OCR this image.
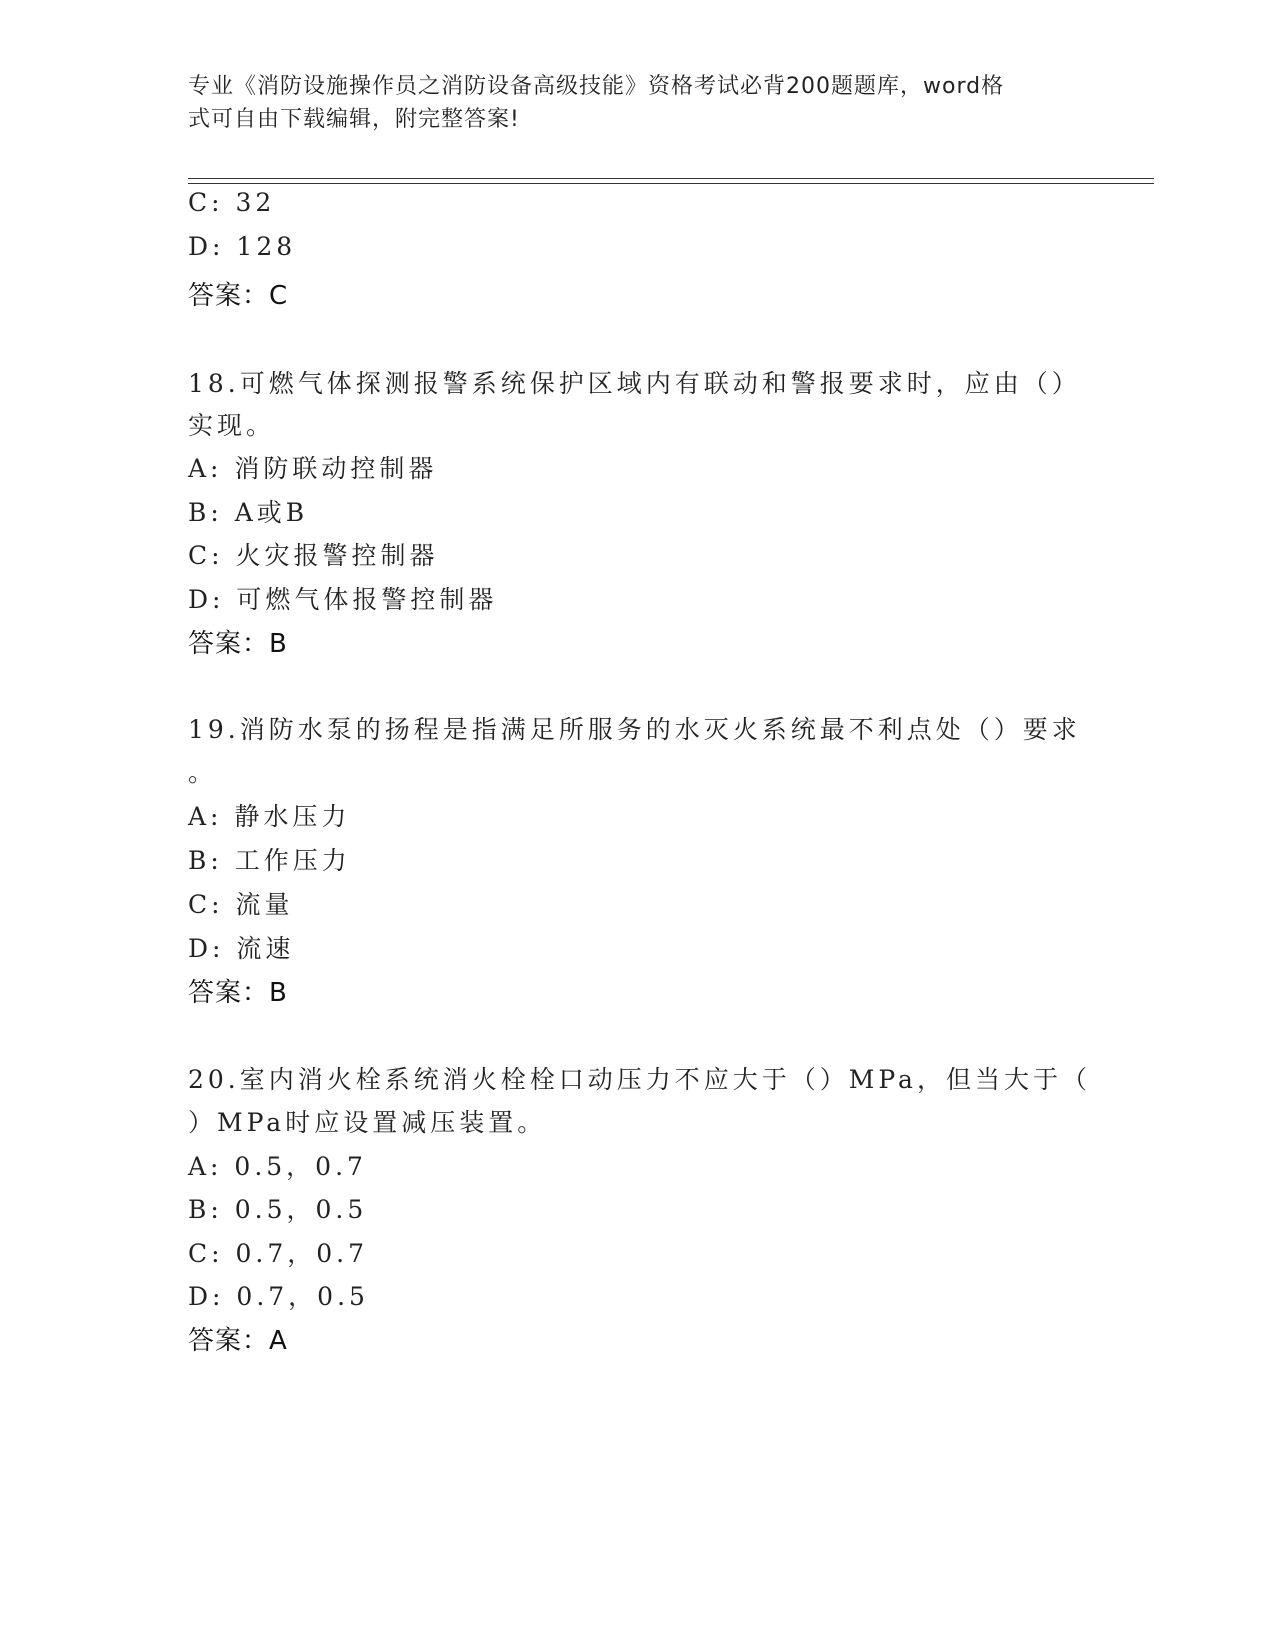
专业《消防设施操作员之消防设备高级技能》资格考试必背200题题库，word格
式可自由下载编辑，附完整答案!
C: 32
D: 128
答案：C
18.可燃气体探测报警系统保护区域内有联动和警报要求时，应由（）
实现。
A: 消防联动控制器
B: A或B
C: 火灾报警控制器
D: 可燃气体报警控制器
答案：B
19.消防水泵的扬程是指满足所服务的水灭火系统最不利点处（）要求
。
A: 静水压力
B: 工作压力
C: 流量
D: 流速
答案：B
20.室内消火栓系统消火栓栓口动压力不应大于（）MPa，但当大于（
）MPa时应设置减压装置。
A: 0.5，0.7
B: 0.5，0.5
C: 0.7，0.7
D: 0.7，0.5
答案：A
